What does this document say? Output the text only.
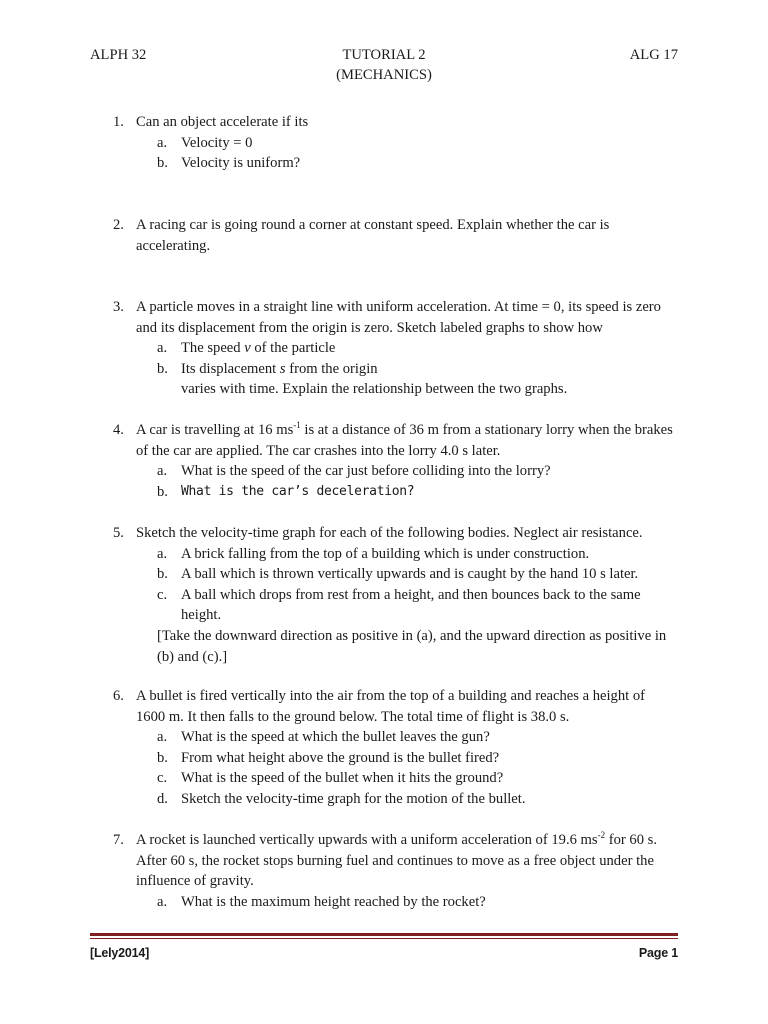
ALPH 32	TUTORIAL 2
(MECHANICS)
ALG 17
1. Can an object accelerate if its
a. Velocity = 0
b. Velocity is uniform?
2. A racing car is going round a corner at constant speed. Explain whether the car is accelerating.
3. A particle moves in a straight line with uniform acceleration. At time = 0, its speed is zero and its displacement from the origin is zero. Sketch labeled graphs to show how
a. The speed v of the particle
b. Its displacement s from the origin
varies with time. Explain the relationship between the two graphs.
4. A car is travelling at 16 $ms^{-1}$ is at a distance of 36 m from a stationary lorry when the brakes of the car are applied. The car crashes into the lorry 4.0 s later.
a. What is the speed of the car just before colliding into the lorry?
b.	What is the car’s deceleration?
5. Sketch the velocity-time graph for each of the following bodies. Neglect air resistance.
a. A brick falling from the top of a building which is under construction.
b. A ball which is thrown vertically upwards and is caught by the hand 10 s later.
c. A ball which drops from rest from a height, and then bounces back to the same height.
[Take the downward direction as positive in (a), and the upward direction as positive in (b) and (c).]
6. A bullet is fired vertically into the air from the top of a building and reaches a height of 1600 m. It then falls to the ground below. The total time of flight is 38.0 s.
a. What is the speed at which the bullet leaves the gun?
b. From what height above the ground is the bullet fired?
c. What is the speed of the bullet when it hits the ground?
d. Sketch the velocity-time graph for the motion of the bullet.
7. A rocket is launched vertically upwards with a uniform acceleration of 19.6 $ms^{-2}$ for 60 s. After 60 s, the rocket stops burning fuel and continues to move as a free object under the influence of gravity.
a. What is the maximum height reached by the rocket?
[Lely2014]	Page 1
